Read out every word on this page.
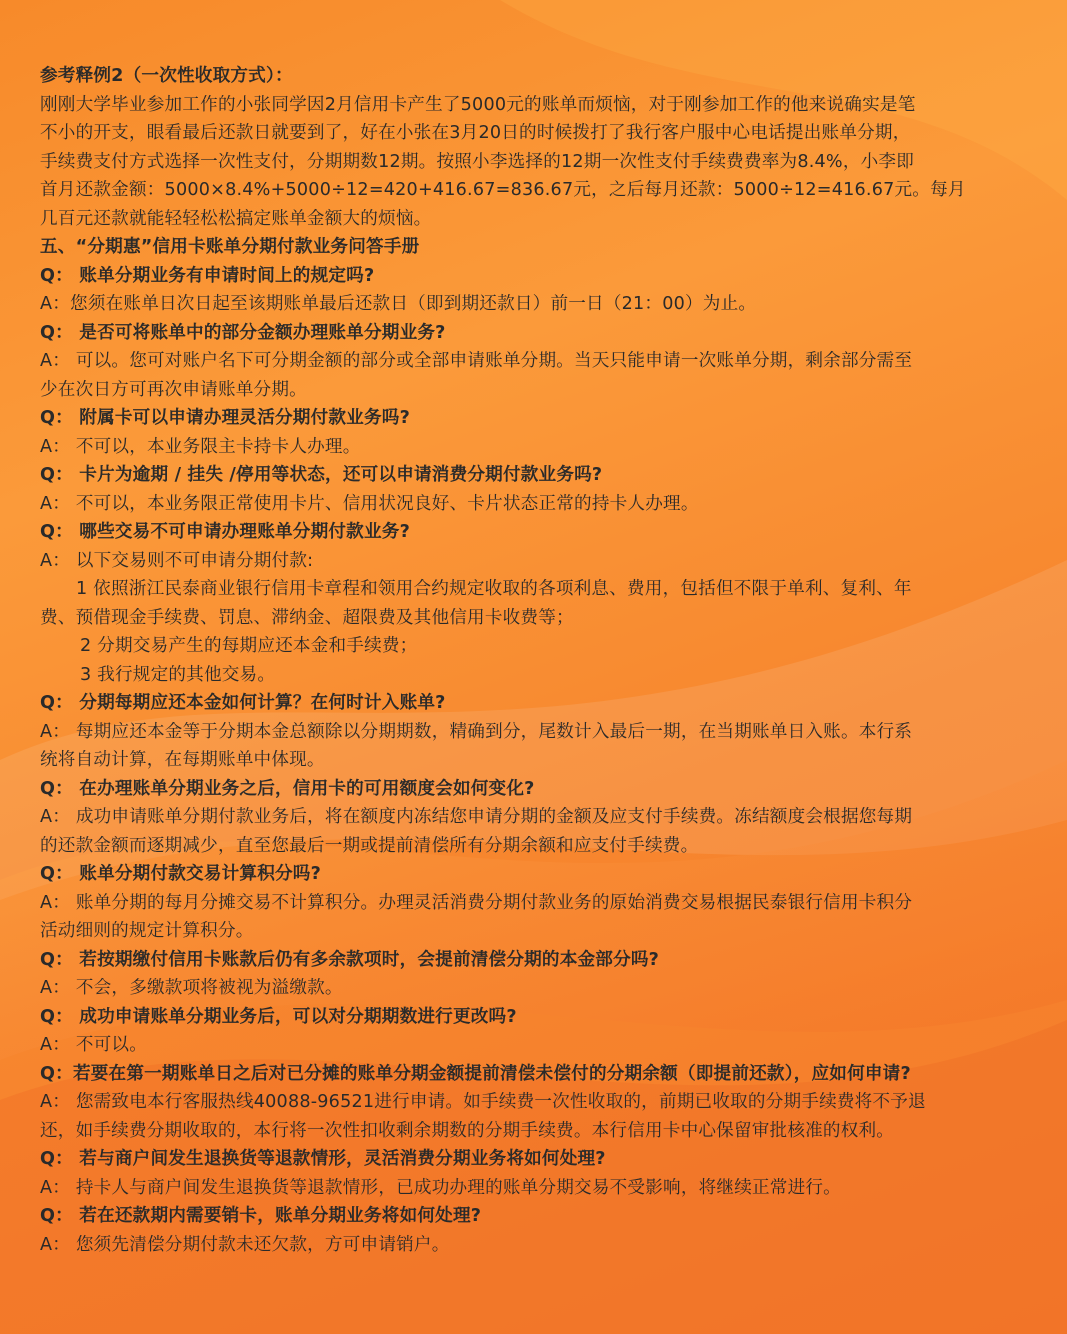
参考释例2（一次性收取方式）：
刚刚大学毕业参加工作的小张同学因2月信用卡产生了5000元的账单而烦恼，对于刚参加工作的他来说确实是笔
不小的开支，眼看最后还款日就要到了，好在小张在3月20日的时候拨打了我行客户服中心电话提出账单分期，
手续费支付方式选择一次性支付，分期期数12期。按照小李选择的12期一次性支付手续费费率为8.4%，小李即
首月还款金额：5000×8.4%+5000÷12=420+416.67=836.67元，之后每月还款：5000÷12=416.67元。每月
几百元还款就能轻轻松松搞定账单金额大的烦恼。
五、“分期惠”信用卡账单分期付款业务问答手册
Q： 账单分期业务有申请时间上的规定吗?
A：您须在账单日次日起至该期账单最后还款日（即到期还款日）前一日（21：00）为止。
Q： 是否可将账单中的部分金额办理账单分期业务?
A： 可以。您可对账户名下可分期金额的部分或全部申请账单分期。当天只能申请一次账单分期，剩余部分需至
少在次日方可再次申请账单分期。
Q： 附属卡可以申请办理灵活分期付款业务吗?
A： 不可以，本业务限主卡持卡人办理。
Q： 卡片为逾期 / 挂失 /停用等状态，还可以申请消费分期付款业务吗?
A： 不可以，本业务限正常使用卡片、信用状况良好、卡片状态正常的持卡人办理。
Q： 哪些交易不可申请办理账单分期付款业务?
A： 以下交易则不可申请分期付款:
1 依照浙江民泰商业银行信用卡章程和领用合约规定收取的各项利息、费用，包括但不限于单利、复利、年
费、预借现金手续费、罚息、滞纳金、超限费及其他信用卡收费等；
2 分期交易产生的每期应还本金和手续费；
3 我行规定的其他交易。
Q： 分期每期应还本金如何计算？在何时计入账单?
A： 每期应还本金等于分期本金总额除以分期期数，精确到分，尾数计入最后一期，在当期账单日入账。本行系
统将自动计算，在每期账单中体现。
Q： 在办理账单分期业务之后，信用卡的可用额度会如何变化?
A： 成功申请账单分期付款业务后，将在额度内冻结您申请分期的金额及应支付手续费。冻结额度会根据您每期
的还款金额而逐期减少，直至您最后一期或提前清偿所有分期余额和应支付手续费。
Q： 账单分期付款交易计算积分吗?
A： 账单分期的每月分摊交易不计算积分。办理灵活消费分期付款业务的原始消费交易根据民泰银行信用卡积分
活动细则的规定计算积分。
Q： 若按期缴付信用卡账款后仍有多余款项时，会提前清偿分期的本金部分吗?
A： 不会，多缴款项将被视为溢缴款。
Q： 成功申请账单分期业务后，可以对分期期数进行更改吗?
A： 不可以。
Q：若要在第一期账单日之后对已分摊的账单分期金额提前清偿未偿付的分期余额（即提前还款），应如何申请?
A： 您需致电本行客服热线40088-96521进行申请。如手续费一次性收取的，前期已收取的分期手续费将不予退
还，如手续费分期收取的，本行将一次性扣收剩余期数的分期手续费。本行信用卡中心保留审批核准的权利。
Q： 若与商户间发生退换货等退款情形，灵活消费分期业务将如何处理?
A： 持卡人与商户间发生退换货等退款情形，已成功办理的账单分期交易不受影响，将继续正常进行。
Q： 若在还款期内需要销卡，账单分期业务将如何处理?
A： 您须先清偿分期付款未还欠款，方可申请销户。
